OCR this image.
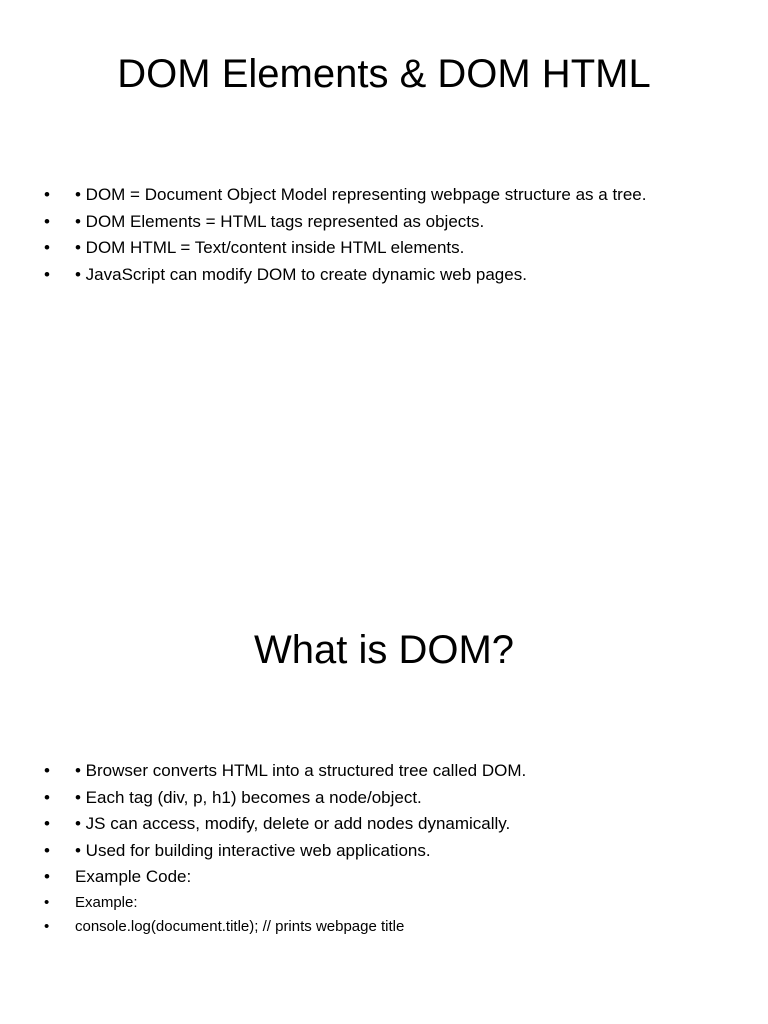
DOM Elements & DOM HTML
• • DOM = Document Object Model representing webpage structure as a tree.
• • DOM Elements = HTML tags represented as objects.
• • DOM HTML = Text/content inside HTML elements.
• • JavaScript can modify DOM to create dynamic web pages.
What is DOM?
• • Browser converts HTML into a structured tree called DOM.
• • Each tag (div, p, h1) becomes a node/object.
• • JS can access, modify, delete or add nodes dynamically.
• • Used for building interactive web applications.
• Example Code:
• Example:
• console.log(document.title); // prints webpage title
